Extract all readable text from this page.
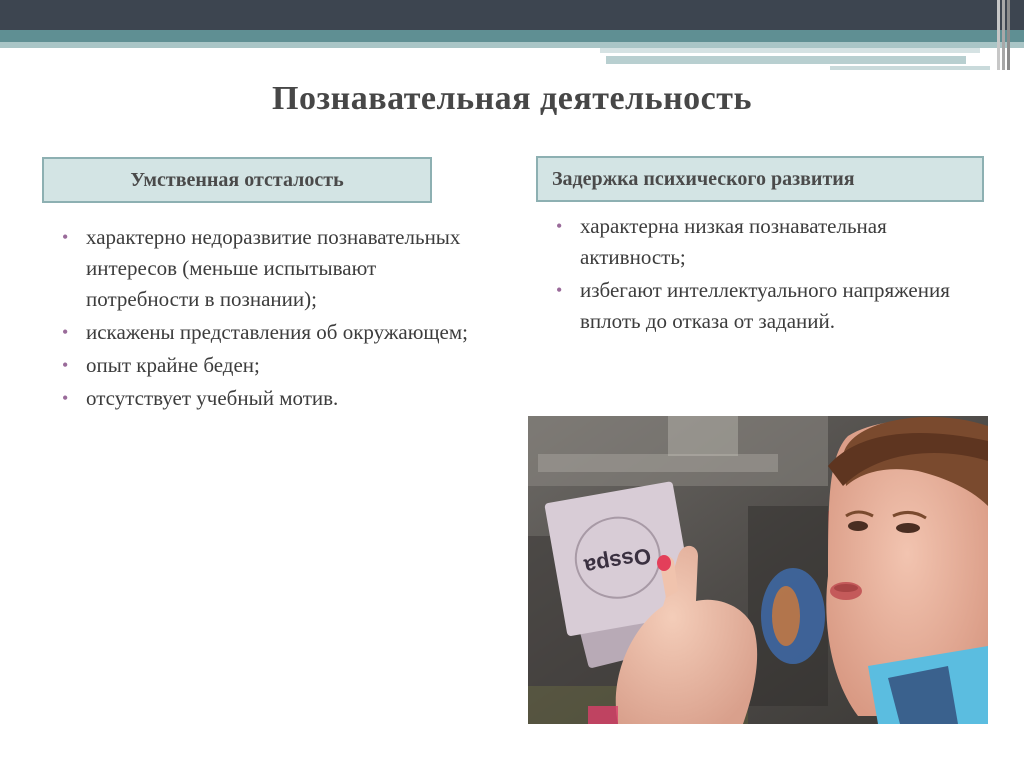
Познавательная деятельность
Умственная отсталость	Задержка психического развития
• характерно недоразвитие познавательных интересов (меньше испытывают потребности в познании);
• искажены представления об окружающем;
• опыт крайне беден;
• отсутствует учебный мотив.
• характерна низкая познавательная активность;
• избегают интеллектуального напряжения вплоть до отказа от заданий.
Osspa
